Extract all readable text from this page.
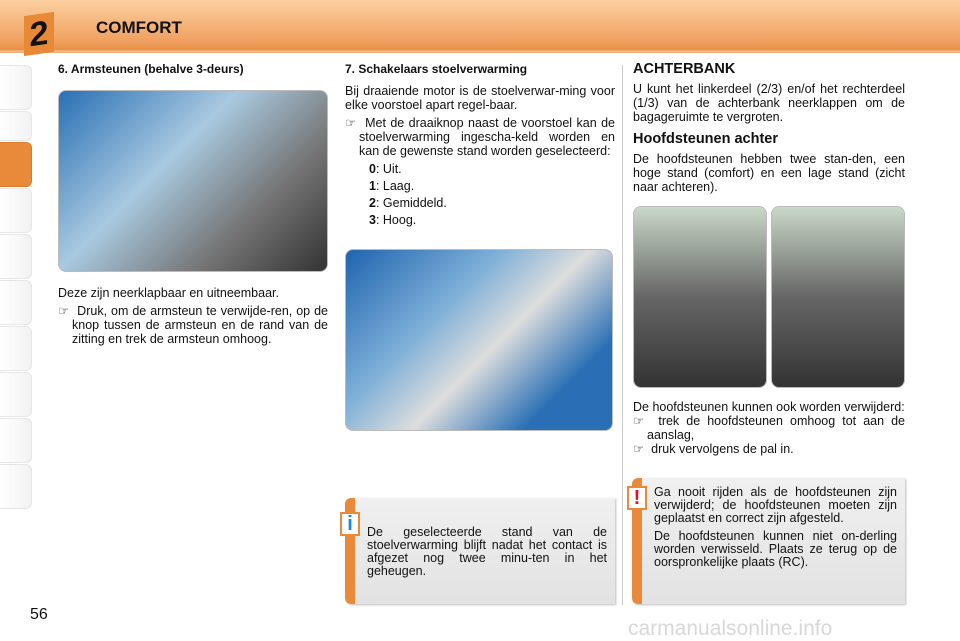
2	COMFORT
6. Armsteunen (behalve 3-deurs)

Deze zijn neerklapbaar en uitneembaar.

☞ Druk, om de armsteun te verwijde-ren, op de knop tussen de armsteun en de rand van de zitting en trek de armsteun omhoog.
7. Schakelaars stoelverwarming

Bij draaiende motor is de stoelverwar-ming voor elke voorstoel apart regel-baar.

☞ Met de draaiknop naast de voorstoel kan de stoelverwarming ingescha-keld worden en kan de gewenste stand worden geselecteerd:
0: Uit.
1: Laag.
2: Gemiddeld.
3: Hoog.

De geselecteerde stand van de stoelverwarming blijft nadat het contact is afgezet nog twee minu-ten in het geheugen.

i
ACHTERBANK

U kunt het linkerdeel (2/3) en/of het rechterdeel (1/3) van de achterbank neerklappen om de bagageruimte te vergroten.

Hoofdsteunen achter

De hoofdsteunen hebben twee stan-den, een hoge stand (comfort) en een lage stand (zicht naar achteren).

De hoofdsteunen kunnen ook worden verwijderd:

☞ trek de hoofdsteunen omhoog tot aan de aanslag,
☞ druk vervolgens de pal in.

Ga nooit rijden als de hoofdsteunen zijn verwijderd; de hoofdsteunen moeten zijn geplaatst en correct zijn afgesteld.

De hoofdsteunen kunnen niet on-derling worden verwisseld. Plaats ze terug op de oorspronkelijke plaats (RC).

!
56
carmanualsonline.info
